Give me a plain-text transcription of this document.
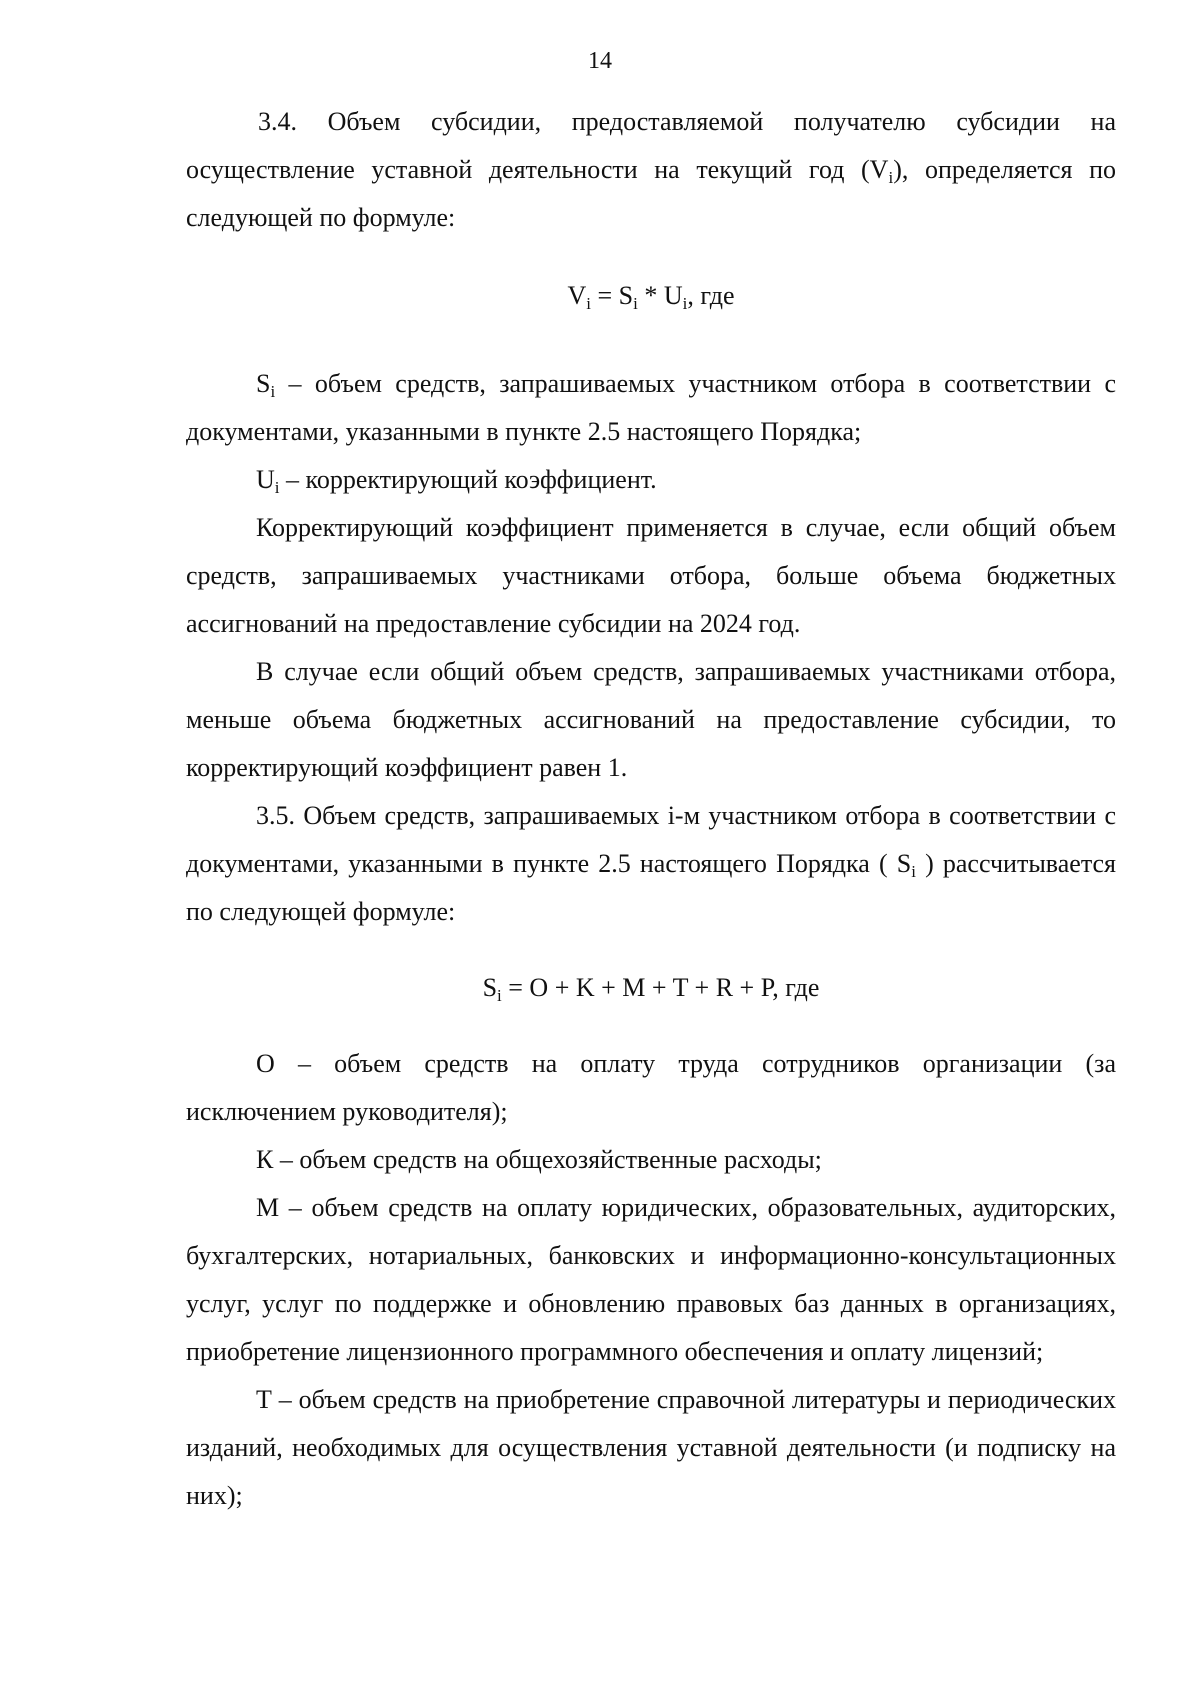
14

3.4. Объем субсидии, предоставляемой получателю субсидии на осуществление уставной деятельности на текущий год $(V_i)$, определяется по следующей по формуле:

$V_i = S_i * U_i$, где

$S_i$ – объем средств, запрашиваемых участником отбора в соответствии с документами, указанными в пункте 2.5 настоящего Порядка;

$U_i$ – корректирующий коэффициент.

Корректирующий коэффициент применяется в случае, если общий объем средств, запрашиваемых участниками отбора, больше объема бюджетных ассигнований на предоставление субсидии на 2024 год.

В случае если общий объем средств, запрашиваемых участниками отбора, меньше объема бюджетных ассигнований на предоставление субсидии, то корректирующий коэффициент равен 1.

3.5. Объем средств, запрашиваемых i-м участником отбора в соответствии с документами, указанными в пункте 2.5 настоящего Порядка ( $S_i$ ) рассчитывается по следующей формуле:

$S_i = O + K + M + T + R + P$, где

О – объем средств на оплату труда сотрудников организации (за исключением руководителя);

К – объем средств на общехозяйственные расходы;

М – объем средств на оплату юридических, образовательных, аудиторских, бухгалтерских, нотариальных, банковских и информационно-консультационных услуг, услуг по поддержке и обновлению правовых баз данных в организациях, приобретение лицензионного программного обеспечения и оплату лицензий;

Т – объем средств на приобретение справочной литературы и периодических изданий, необходимых для осуществления уставной деятельности (и подписку на них);
